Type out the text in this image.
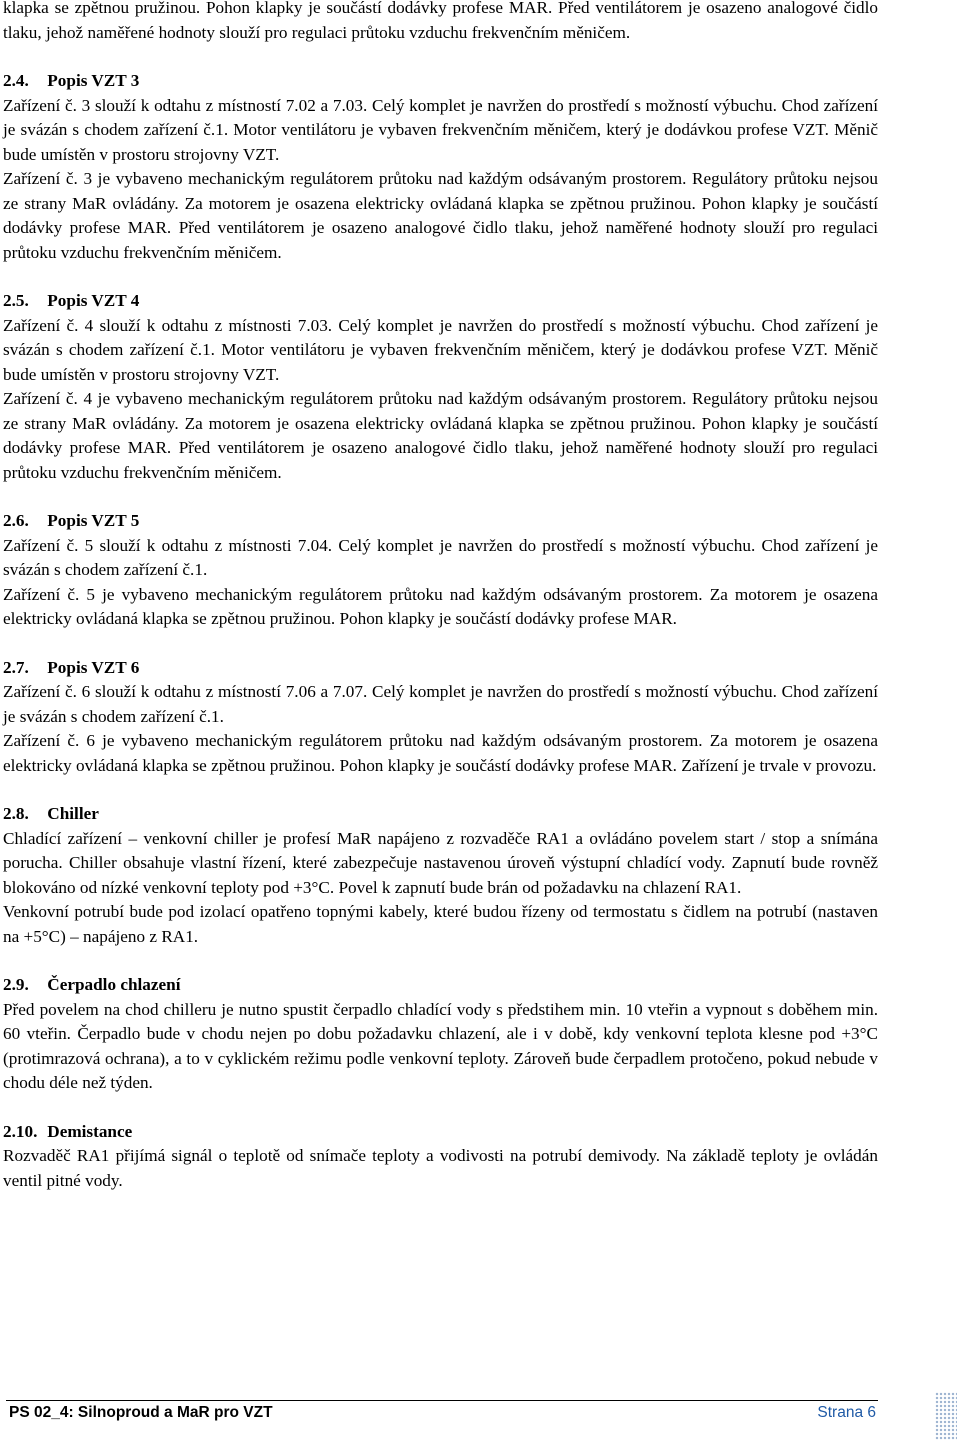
klapka se zpětnou pružinou. Pohon klapky je součástí dodávky profese MAR. Před ventilátorem je osazeno analogové čidlo tlaku, jehož naměřené hodnoty slouží pro regulaci průtoku vzduchu frekvenčním měničem.

2.4. Popis VZT 3

Zařízení č. 3 slouží k odtahu z místností 7.02 a 7.03. Celý komplet je navržen do prostředí s možností výbuchu. Chod zařízení je svázán s chodem zařízení č.1. Motor ventilátoru je vybaven frekvenčním měničem, který je dodávkou profese VZT. Měnič bude umístěn v prostoru strojovny VZT.

Zařízení č. 3 je vybaveno mechanickým regulátorem průtoku nad každým odsávaným prostorem. Regulátory průtoku nejsou ze strany MaR ovládány. Za motorem je osazena elektricky ovládaná klapka se zpětnou pružinou. Pohon klapky je součástí dodávky profese MAR. Před ventilátorem je osazeno analogové čidlo tlaku, jehož naměřené hodnoty slouží pro regulaci průtoku vzduchu frekvenčním měničem.

2.5. Popis VZT 4

Zařízení č. 4 slouží k odtahu z místnosti 7.03. Celý komplet je navržen do prostředí s možností výbuchu. Chod zařízení je svázán s chodem zařízení č.1. Motor ventilátoru je vybaven frekvenčním měničem, který je dodávkou profese VZT. Měnič bude umístěn v prostoru strojovny VZT.

Zařízení č. 4 je vybaveno mechanickým regulátorem průtoku nad každým odsávaným prostorem. Regulátory průtoku nejsou ze strany MaR ovládány. Za motorem je osazena elektricky ovládaná klapka se zpětnou pružinou. Pohon klapky je součástí dodávky profese MAR. Před ventilátorem je osazeno analogové čidlo tlaku, jehož naměřené hodnoty slouží pro regulaci průtoku vzduchu frekvenčním měničem.

2.6. Popis VZT 5

Zařízení č. 5 slouží k odtahu z místnosti 7.04. Celý komplet je navržen do prostředí s možností výbuchu. Chod zařízení je svázán s chodem zařízení č.1.

Zařízení č. 5 je vybaveno mechanickým regulátorem průtoku nad každým odsávaným prostorem. Za motorem je osazena elektricky ovládaná klapka se zpětnou pružinou. Pohon klapky je součástí dodávky profese MAR.

2.7. Popis VZT 6

Zařízení č. 6 slouží k odtahu z místností 7.06 a 7.07. Celý komplet je navržen do prostředí s možností výbuchu. Chod zařízení je svázán s chodem zařízení č.1.

Zařízení č. 6 je vybaveno mechanickým regulátorem průtoku nad každým odsávaným prostorem. Za motorem je osazena elektricky ovládaná klapka se zpětnou pružinou. Pohon klapky je součástí dodávky profese MAR. Zařízení je trvale v provozu.

2.8. Chiller

Chladící zařízení – venkovní chiller je profesí MaR napájeno z rozvaděče RA1 a ovládáno povelem start / stop a snímána porucha. Chiller obsahuje vlastní řízení, které zabezpečuje nastavenou úroveň výstupní chladící vody. Zapnutí bude rovněž blokováno od nízké venkovní teploty pod +3°C. Povel k zapnutí bude brán od požadavku na chlazení RA1.

Venkovní potrubí bude pod izolací opatřeno topnými kabely, které budou řízeny od termostatu s čidlem na potrubí (nastaven na +5°C) – napájeno z RA1.

2.9. Čerpadlo chlazení

Před povelem na chod chilleru je nutno spustit čerpadlo chladící vody s předstihem min. 10 vteřin a vypnout s doběhem min. 60 vteřin. Čerpadlo bude v chodu nejen po dobu požadavku chlazení, ale i v době, kdy venkovní teplota klesne pod +3°C (protimrazová ochrana), a to v cyklickém režimu podle venkovní teploty. Zároveň bude čerpadlem protočeno, pokud nebude v chodu déle než týden.

2.10. Demistance

Rozvaděč RA1 přijímá signál o teplotě od snímače teploty a vodivosti na potrubí demivody. Na základě teploty je ovládán ventil pitné vody.

PS 02_4: Silnoproud a MaR pro VZT	Strana 6
